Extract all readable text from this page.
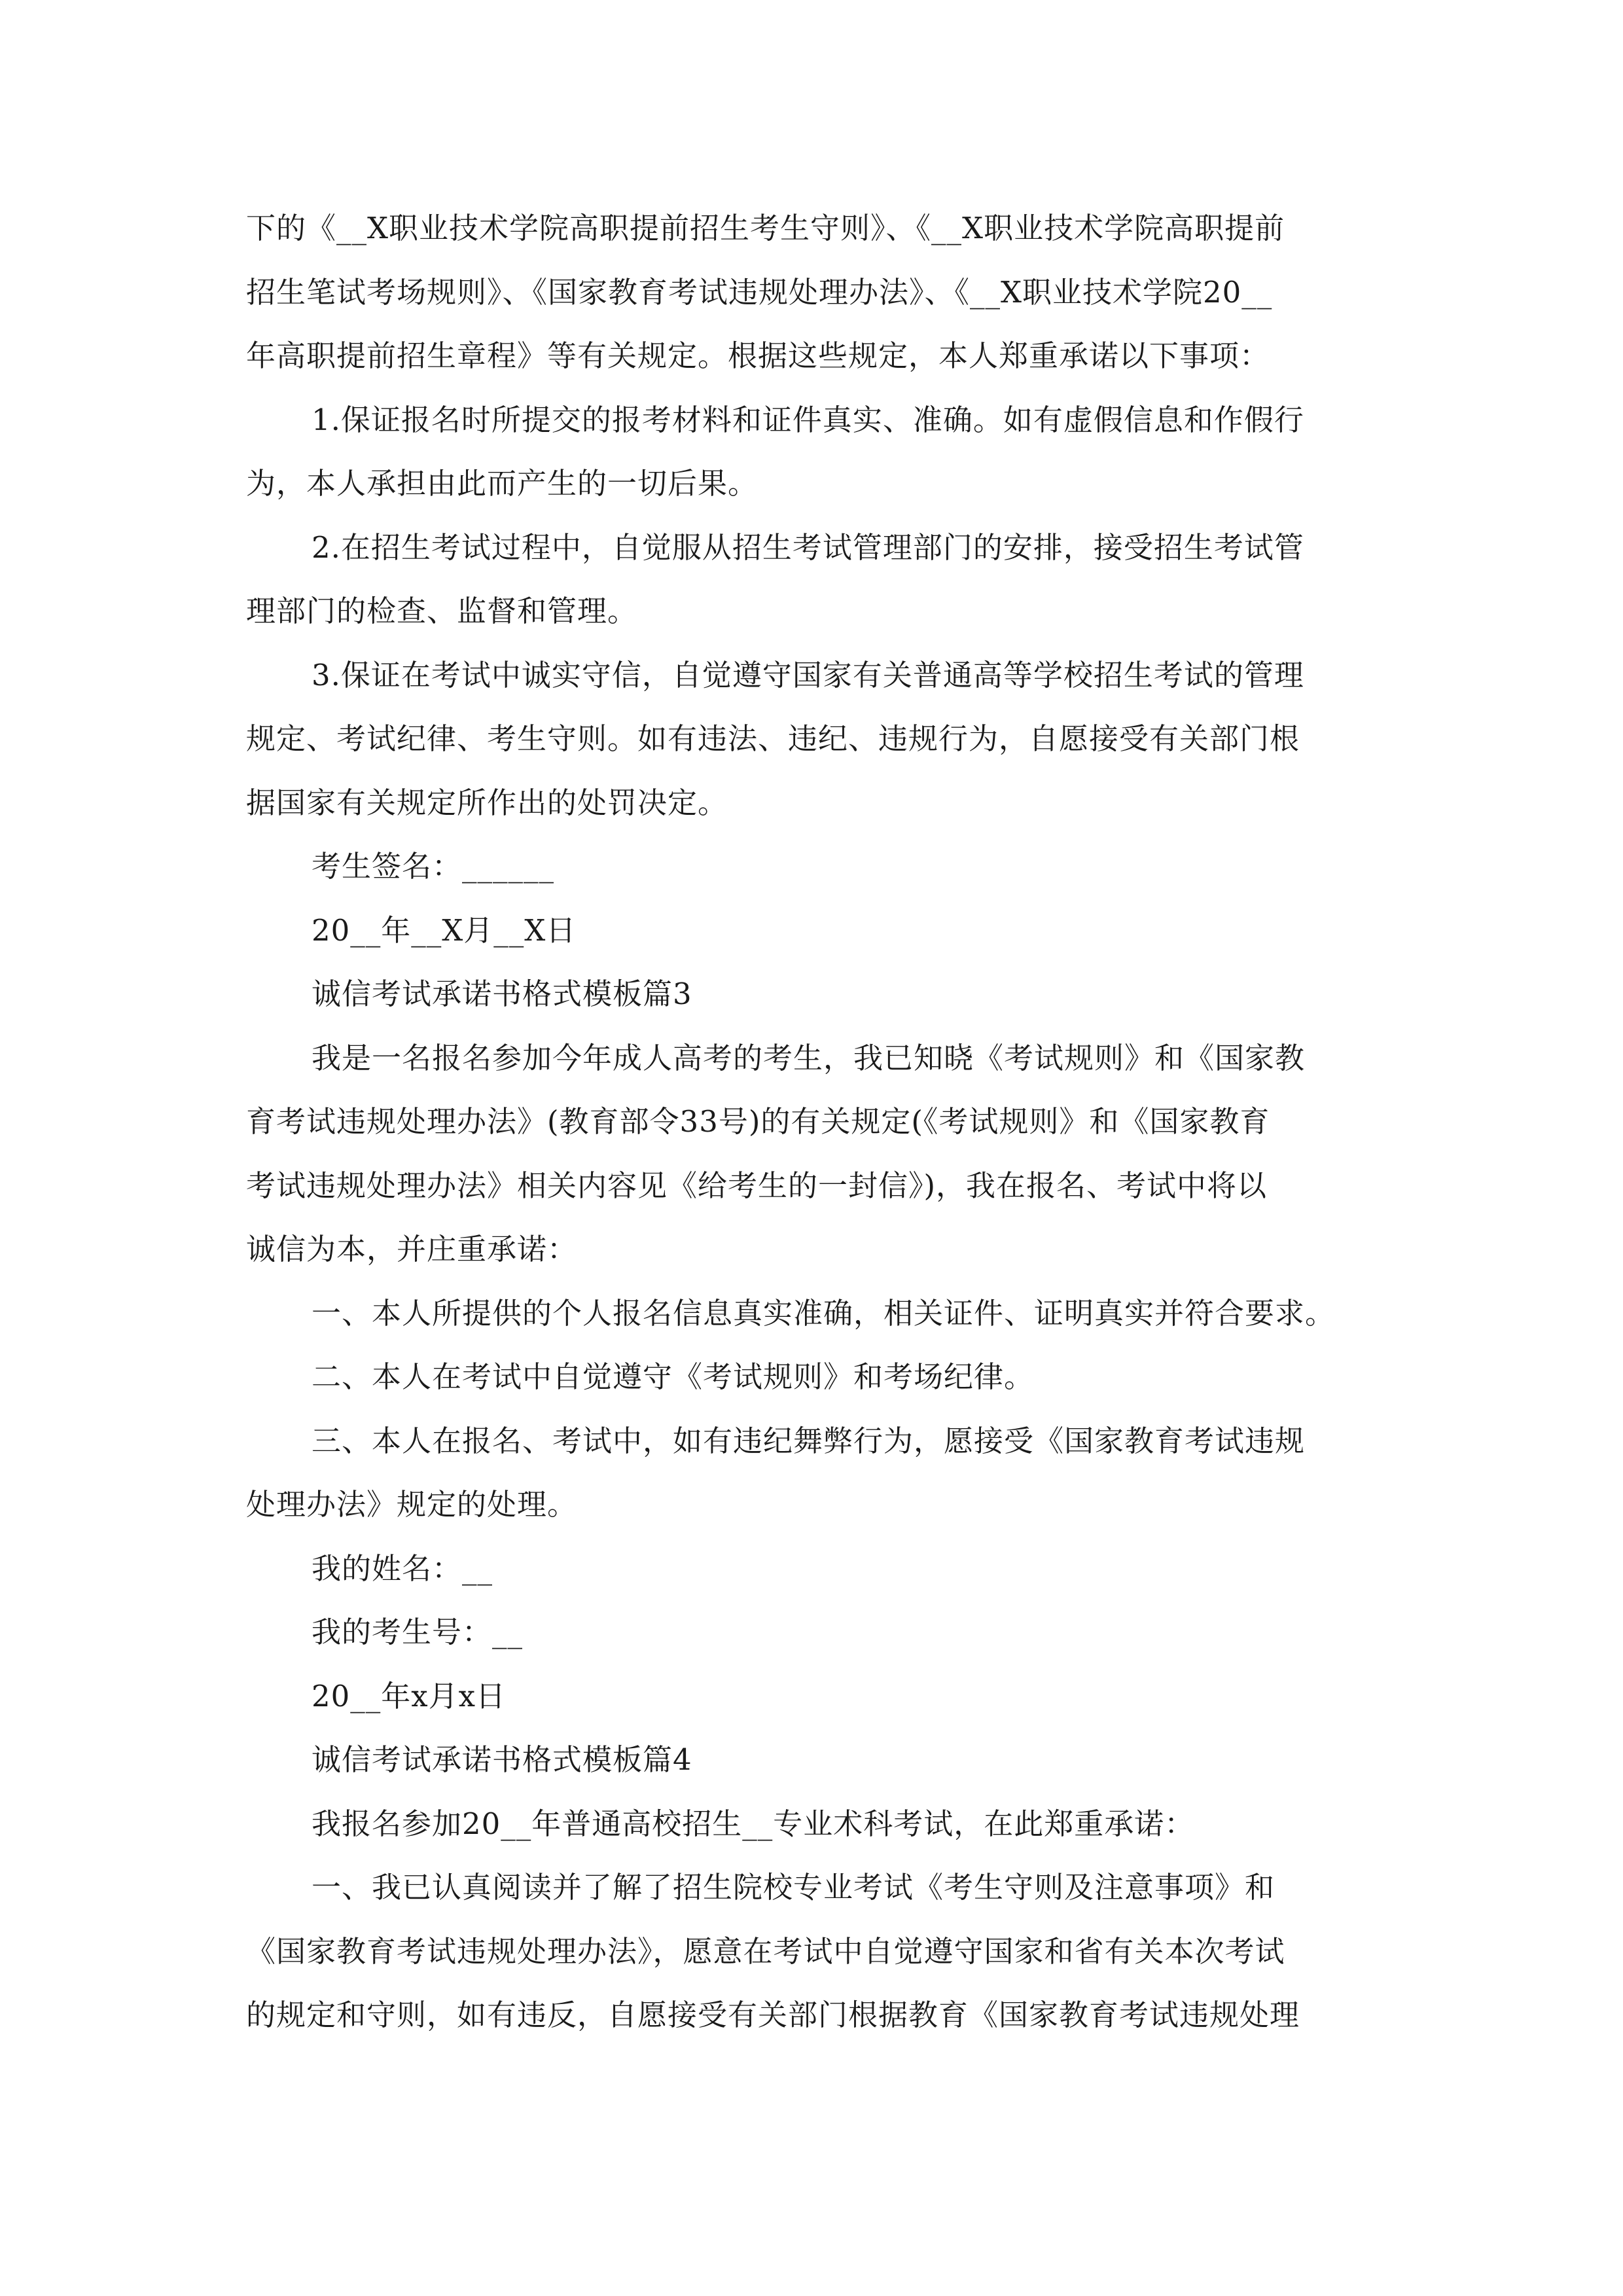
下的《__X职业技术学院高职提前招生考生守则》、《__X职业技术学院高职提前
招生笔试考场规则》、《国家教育考试违规处理办法》、《__X职业技术学院20__
年高职提前招生章程》等有关规定。根据这些规定，本人郑重承诺以下事项：
1.保证报名时所提交的报考材料和证件真实、准确。如有虚假信息和作假行
为，本人承担由此而产生的一切后果。
2.在招生考试过程中，自觉服从招生考试管理部门的安排，接受招生考试管
理部门的检查、监督和管理。
3.保证在考试中诚实守信，自觉遵守国家有关普通高等学校招生考试的管理
规定、考试纪律、考生守则。如有违法、违纪、违规行为，自愿接受有关部门根
据国家有关规定所作出的处罚决定。
考生签名：______
20__年__X月__X日
诚信考试承诺书格式模板篇3
我是一名报名参加今年成人高考的考生，我已知晓《考试规则》和《国家教
育考试违规处理办法》(教育部令33号)的有关规定(《考试规则》和《国家教育
考试违规处理办法》相关内容见《给考生的一封信》)，我在报名、考试中将以
诚信为本，并庄重承诺：
一、本人所提供的个人报名信息真实准确，相关证件、证明真实并符合要求。
二、本人在考试中自觉遵守《考试规则》和考场纪律。
三、本人在报名、考试中，如有违纪舞弊行为，愿接受《国家教育考试违规
处理办法》规定的处理。
我的姓名：__
我的考生号：__
20__年x月x日
诚信考试承诺书格式模板篇4
我报名参加20__年普通高校招生__专业术科考试，在此郑重承诺：
一、我已认真阅读并了解了招生院校专业考试《考生守则及注意事项》和
《国家教育考试违规处理办法》，愿意在考试中自觉遵守国家和省有关本次考试
的规定和守则，如有违反，自愿接受有关部门根据教育《国家教育考试违规处理
